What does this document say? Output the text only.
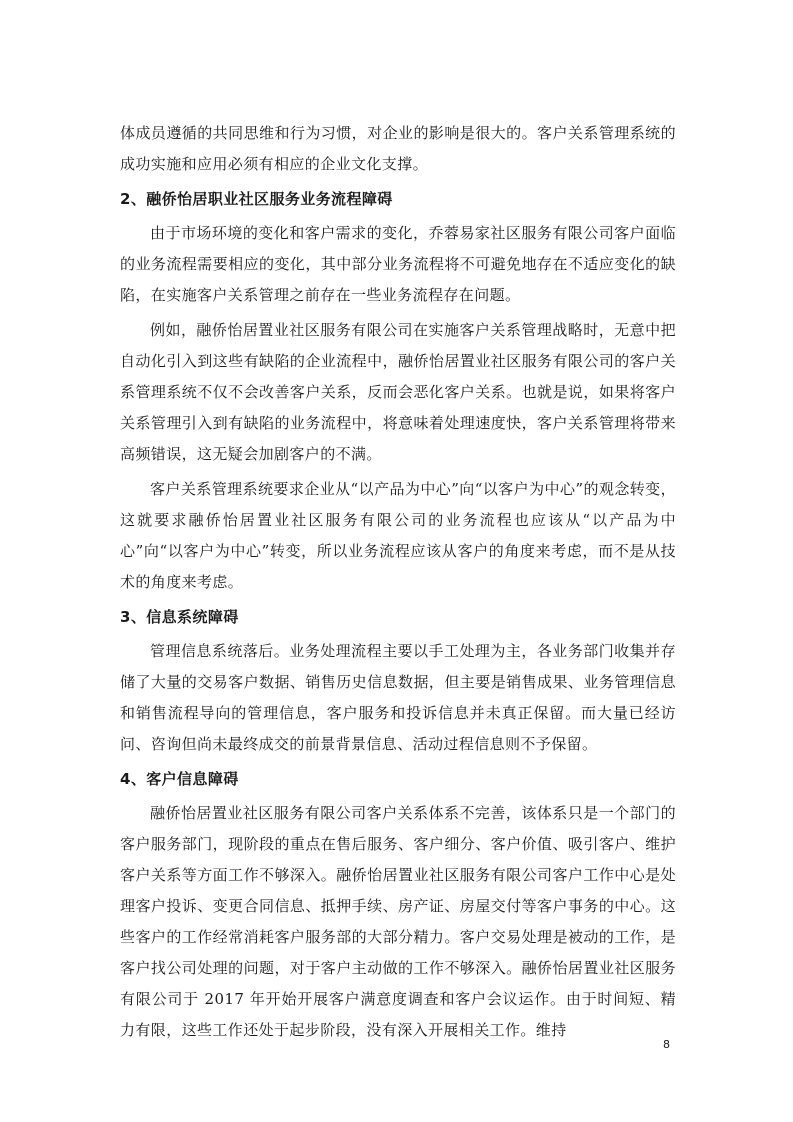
体成员遵循的共同思维和行为习惯，对企业的影响是很大的。客户关系管理系统的成功实施和应用必须有相应的企业文化支撑。

2、融侨怡居职业社区服务业务流程障碍

由于市场环境的变化和客户需求的变化，乔蓉易家社区服务有限公司客户面临的业务流程需要相应的变化，其中部分业务流程将不可避免地存在不适应变化的缺陷，在实施客户关系管理之前存在一些业务流程存在问题。

例如，融侨怡居置业社区服务有限公司在实施客户关系管理战略时，无意中把自动化引入到这些有缺陷的企业流程中，融侨怡居置业社区服务有限公司的客户关系管理系统不仅不会改善客户关系，反而会恶化客户关系。也就是说，如果将客户关系管理引入到有缺陷的业务流程中，将意味着处理速度快，客户关系管理将带来高频错误，这无疑会加剧客户的不满。

客户关系管理系统要求企业从“以产品为中心”向“以客户为中心”的观念转变，这就要求融侨怡居置业社区服务有限公司的业务流程也应该从“以产品为中心”向“以客户为中心”转变，所以业务流程应该从客户的角度来考虑，而不是从技术的角度来考虑。

3、信息系统障碍

管理信息系统落后。业务处理流程主要以手工处理为主，各业务部门收集并存储了大量的交易客户数据、销售历史信息数据，但主要是销售成果、业务管理信息和销售流程导向的管理信息，客户服务和投诉信息并未真正保留。而大量已经访问、咨询但尚未最终成交的前景背景信息、活动过程信息则不予保留。

4、客户信息障碍

融侨怡居置业社区服务有限公司客户关系体系不完善，该体系只是一个部门的客户服务部门，现阶段的重点在售后服务、客户细分、客户价值、吸引客户、维护客户关系等方面工作不够深入。融侨怡居置业社区服务有限公司客户工作中心是处理客户投诉、变更合同信息、抵押手续、房产证、房屋交付等客户事务的中心。这些客户的工作经常消耗客户服务部的大部分精力。客户交易处理是被动的工作，是客户找公司处理的问题，对于客户主动做的工作不够深入。融侨怡居置业社区服务有限公司于 2017 年开始开展客户满意度调查和客户会议运作。由于时间短、精力有限，这些工作还处于起步阶段，没有深入开展相关工作。维持

8
